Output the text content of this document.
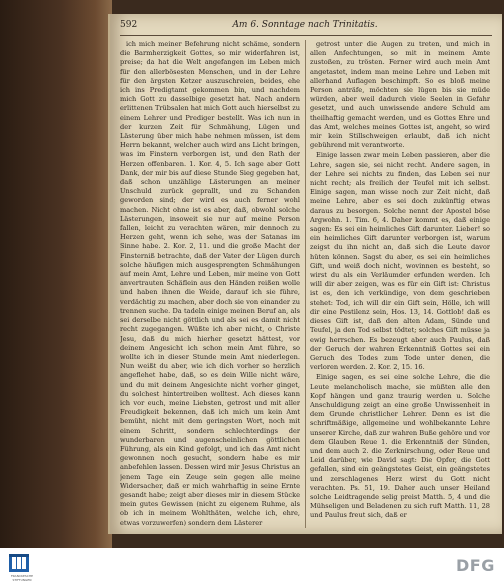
592	Am 6. Sonntage nach Trinitatis.

ich mich meiner Befehrung nicht schäme, sondern die Barmherzigkeit Gottes, so mir widerfahren ist, preise; da hat die Welt angefangen im Leben mich für den allerbösesten Menschen, und in der Lehre für den ärgsten Ketzer auszuschreien, beides, ehe ich ins Predigtamt gekommen bin, und nachdem mich Gott zu dasselbige gesetzt hat. Nach andern erlittenen Trübsalen hat mich Gott auch hierselbst zu einem Lehrer und Prediger bestellt. Was ich nun in der kurzen Zeit für Schmähung, Lügen und Lästerung über mich habe nehmen müssen, ist dem Herrn bekannt, welcher auch wird ans Licht bringen, was im Finstern verborgen ist, und den Rath der Herzen offenbaren. 1. Kor. 4, 5. Ich sage aber Gott Dank, der mir bis auf diese Stunde Sieg gegeben hat, daß schon unzählige Lästerungen an meiner Unschuld zurück geprallt, und zu Schanden geworden sind; der wird es auch ferner wohl machen. Nicht ohne ist es aber, daß, obwohl solche Lästerungen, insoweit sie nur auf meine Person fallen, leicht zu verachten wären, mir dennoch zu Herzen geht, wenn ich sehe, was der Satanas im Sinne habe. 2. Kor. 2, 11. und die große Macht der Finsterniß betrachte, daß der Vater der Lügen durch solche häufigen mich ausgesprengten Schmähungen auf mein Amt, Lehre und Leben, mir meine von Gott anvertrauten Schäflein aus den Händen reißen wolle und haben ihnen die Weide, darauf ich sie führe, verdächtig zu machen, aber doch sie von einander zu trennen suche. Da tadeln einige meinen Beruf an, als sei derselbe nicht göttlich und als sei es damit nicht recht zugegangen. Wüßte ich aber nicht, o Christe Jesu, daß du mich hierher gesetzt hättest, vor deinem Angesicht ich schon mein Amt führe, so wollte ich in dieser Stunde mein Amt niederlegen. Nun weißt du aber, wie ich dich vorher so herzlich angeflehet habe, daß, so es dein Wille nicht wäre, und du mit deinem Angesichte nicht vorher ginget, du solchest hintertreiben wolltest. Ach dieses kann ich vor euch, meine Liebsten, getrost und mit aller Freudigkeit bekennen, daß ich mich um kein Amt bemüht, nicht mit dem geringsten Wort, noch mit einem Schritt, sondern schlechterdings der wunderbaren und augenscheinlichen göttlichen Führung, als ein Kind gefolgt, und ich das Amt nicht gewonnen noch gesucht, sondern habe es mir anbefehlen lassen. Dessen wird mir Jesus Christus an jenem Tage ein Zeuge sein gegen alle meine Widersacher, daß er mich wahrhaftig in seine Ernte gesandt habe; zeigt aber dieses mir in diesem Stücke mein gutes Gewissen (nicht zu eigenem Ruhme, als ob ich in meinem Wohlthäten, welche ich, ehre, etwas vorzuwerfen) sondern dem Lästerer

getrost unter die Augen zu treten, und mich in allen Anfechtungen, so mit in meinem Amte zustoßen, zu trösten. Ferner wird auch mein Amt angetastet, indem man meine Lehre und Leben mit allerhand Auflagen beschimpft. So es bloß meine Person anträfe, möchten sie lügen bis sie müde würden, aber weil dadurch viele Seelen in Gefahr gesetzt, und auch unwissende andere Schuld am theilhaftig gemacht werden, und es Gottes Ehre und das Amt, welches meines Gottes ist, angeht, so wird mir kein Stillschweigen erlaubt, daß ich nicht gebührend mit verantworte.

Einige lassen zwar mein Leben passieren, aber die Lehre, sagen sie, sei nicht recht. Andere sagen, in der Lehre sei nichts zu finden, das Leben sei nur nicht recht; als freilich der Teufel mit ich selbst. Einige sagen, man wisse noch zur Zeit nicht, daß meine Lehre, aber es sei doch zukünftig etwas daraus zu besorgen. Solche nennt der Apostel böse Argwohn. 1. Tim. 6, 4. Daher kommt es, daß einige sagen: Es sei ein heimliches Gift darunter. Lieber! so ein heimliches Gift darunter verborgen ist, warum zeigst du ihn nicht an, daß sich die Leute davor hüten können. Sagst du aber, es sei ein heimliches Gift, und weiß doch nicht, wovinnen es besteht, so wirst du als ein Verläumder erfunden werden. Ich will dir aber zeigen, was es für ein Gift ist: Christus ist es, den ich verkündige, von dem geschrieben stehet: Tod, ich will dir ein Gift sein, Hölle, ich will dir eine Pestilenz sein, Hos. 13, 14. Gottlob! daß es dieses Gift ist, daß den alten Adam, Sünde und Teufel, ja den Tod selbst tödtet; solches Gift müsse ja ewig herrschen. Es bezeugt aber auch Paulus, daß der Geruch der wahren Erkenntniß Gottes sei ein Geruch des Todes zum Tode unter denen, die verloren werden. 2. Kor. 2, 15. 16.

Einige sagen, es sei eine solche Lehre, die die Leute melancholisch mache, sie müßten alle den Kopf hängen und ganz traurig werden u. Solche Anschuldigung zeigt an eine große Unwissenheit in dem Grunde christlicher Lehrer. Denn es ist die schriftmäßige, allgemeine und wohlbekannte Lehre unserer Kirche, daß zur wahren Buße gehöre und vor dem Glauben Reue 1. die Erkenntniß der Sünden, und dem auch 2. die Zerknirschung, oder Reue und Leid darüber, wie David sagt: Die Opfer, die Gott gefallen, sind ein geängstetes Geist, ein geängstetes und zerschlagenes Herz wirst du Gott nicht verachten. Ps. 51, 19. Daher auch unser Heiland solche Leidtragende selig preist Matth. 5, 4 und die Mühseligen und Beladenen zu sich ruft Matth. 11, 28 und Paulus freut sich, daß er

FRANCKESCHE STIFTUNGEN
DFG
